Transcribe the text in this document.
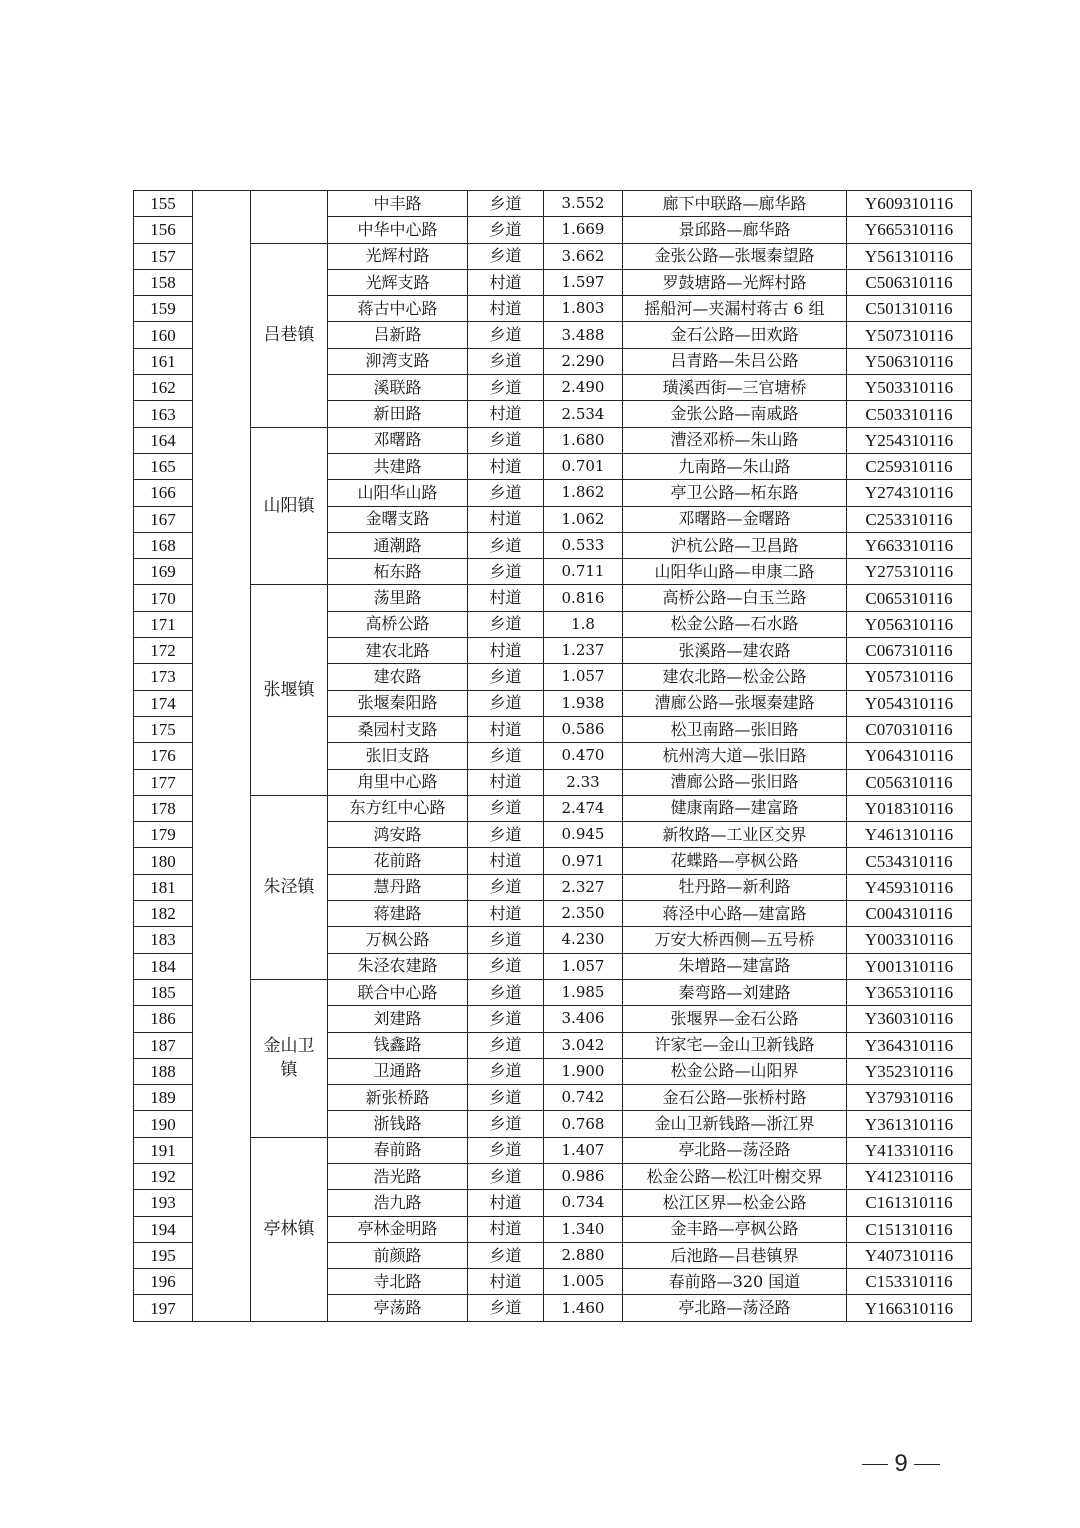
155			中丰路	乡道	3.552	廊下中联路—廊华路	Y609310116
156			中华中心路	乡道	1.669	景邱路—廊华路	Y665310116
157		吕巷镇	光辉村路	乡道	3.662	金张公路—张堰秦望路	Y561310116
158			光辉支路	村道	1.597	罗鼓塘路—光辉村路	C506310116
159			蒋古中心路	村道	1.803	摇船河—夹漏村蒋古 6 组	C501310116
160			吕新路	乡道	3.488	金石公路—田欢路	Y507310116
161			泖湾支路	乡道	2.290	吕青路—朱吕公路	Y506310116
162			溪联路	乡道	2.490	璜溪西街—三官塘桥	Y503310116
163			新田路	村道	2.534	金张公路—南戚路	C503310116
164		山阳镇	邓曙路	乡道	1.680	漕泾邓桥—朱山路	Y254310116
165			共建路	村道	0.701	九南路—朱山路	C259310116
166			山阳华山路	乡道	1.862	亭卫公路—柘东路	Y274310116
167			金曙支路	村道	1.062	邓曙路—金曙路	C253310116
168			通潮路	乡道	0.533	沪杭公路—卫昌路	Y663310116
169			柘东路	乡道	0.711	山阳华山路—申康二路	Y275310116
170		张堰镇	荡里路	村道	0.816	高桥公路—白玉兰路	C065310116
171			高桥公路	乡道	1.8	松金公路—石水路	Y056310116
172			建农北路	村道	1.237	张溪路—建农路	C067310116
173			建农路	乡道	1.057	建农北路—松金公路	Y057310116
174			张堰秦阳路	乡道	1.938	漕廊公路—张堰秦建路	Y054310116
175			桑园村支路	村道	0.586	松卫南路—张旧路	C070310116
176			张旧支路	乡道	0.470	杭州湾大道—张旧路	Y064310116
177			甪里中心路	村道	2.33	漕廊公路—张旧路	C056310116
178		朱泾镇	东方红中心路	乡道	2.474	健康南路—建富路	Y018310116
179			鸿安路	乡道	0.945	新牧路—工业区交界	Y461310116
180			花前路	村道	0.971	花蝶路—亭枫公路	C534310116
181			慧丹路	乡道	2.327	牡丹路—新利路	Y459310116
182			蒋建路	村道	2.350	蒋泾中心路—建富路	C004310116
183			万枫公路	乡道	4.230	万安大桥西侧—五号桥	Y003310116
184			朱泾农建路	乡道	1.057	朱增路—建富路	Y001310116
185		金山卫镇	联合中心路	乡道	1.985	秦弯路—刘建路	Y365310116
186			刘建路	乡道	3.406	张堰界—金石公路	Y360310116
187			钱鑫路	乡道	3.042	许家宅—金山卫新钱路	Y364310116
188			卫通路	乡道	1.900	松金公路—山阳界	Y352310116
189			新张桥路	乡道	0.742	金石公路—张桥村路	Y379310116
190			浙钱路	乡道	0.768	金山卫新钱路—浙江界	Y361310116
191		亭林镇	春前路	乡道	1.407	亭北路—荡泾路	Y413310116
192			浩光路	乡道	0.986	松金公路—松江叶榭交界	Y412310116
193			浩九路	村道	0.734	松江区界—松金公路	C161310116
194			亭林金明路	村道	1.340	金丰路—亭枫公路	C151310116
195			前颜路	乡道	2.880	后池路—吕巷镇界	Y407310116
196			寺北路	村道	1.005	春前路—320 国道	C153310116
197			亭荡路	乡道	1.460	亭北路—荡泾路	Y166310116
9
